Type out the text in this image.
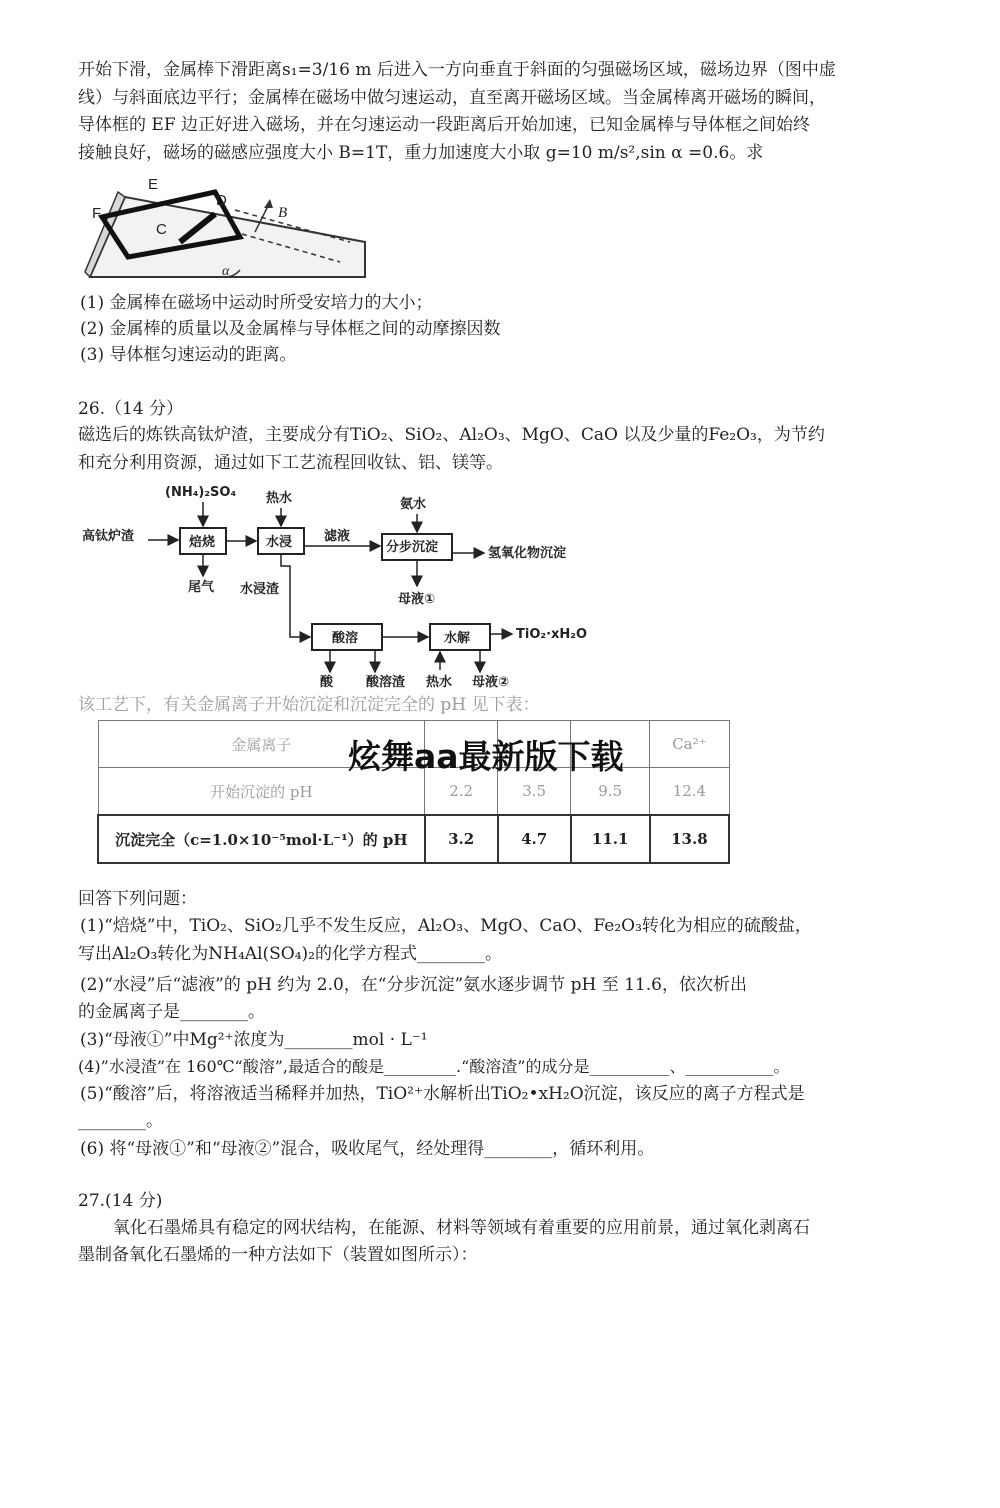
开始下滑，金属棒下滑距离s₁=3/16 m 后进入一方向垂直于斜面的匀强磁场区域，磁场边界（图中虚
线）与斜面底边平行；金属棒在磁场中做匀速运动，直至离开磁场区域。当金属棒离开磁场的瞬间，
导体框的 EF 边正好进入磁场，并在匀速运动一段距离后开始加速，已知金属棒与导体框之间始终
接触良好，磁场的磁感应强度大小 B=1T，重力加速度大小取 g=10 m/s²,sin α =0.6。求
E
D
F
C
B
α
(1) 金属棒在磁场中运动时所受安培力的大小；
(2) 金属棒的质量以及金属棒与导体框之间的动摩擦因数
(3) 导体框匀速运动的距离。
26.（14 分）
磁选后的炼铁高钛炉渣，主要成分有TiO₂、SiO₂、Al₂O₃、MgO、CaO 以及少量的Fe₂O₃，为节约
和充分利用资源，通过如下工艺流程回收钛、铝、镁等。
高钛炉渣
(NH₄)₂SO₄
焙烧
尾气
热水
水浸 滤液
水浸渣
氨水
分步沉淀	氢氧化物沉淀
母液①
酸溶
酸	酸溶渣
水解	TiO₂·xH₂O
热水 母液②
该工艺下，有关金属离子开始沉淀和沉淀完全的 pH 见下表：
金属离子				Ca²⁺
开始沉淀的 pH	2.2	3.5	9.5	12.4
沉淀完全（c=1.0×10⁻⁵mol·L⁻¹）的 pH	3.2	4.7	11.1	13.8
炫舞aa最新版下载
回答下列问题：
(1)“焙烧”中，TiO₂、SiO₂几乎不发生反应，Al₂O₃、MgO、CaO、Fe₂O₃转化为相应的硫酸盐，
写出Al₂O₃转化为NH₄Al(SO₄)₂的化学方程式________。
(2)“水浸”后“滤液”的 pH 约为 2.0，在“分步沉淀”氨水逐步调节 pH 至 11.6，依次析出
的金属离子是________。
(3)“母液①”中Mg²⁺浓度为________mol · L⁻¹
(4)”水浸渣”在 160℃“酸溶”,最适合的酸是_________.“酸溶渣”的成分是__________、___________。
(5)“酸溶”后，将溶液适当稀释并加热，TiO²⁺水解析出TiO₂•xH₂O沉淀，该反应的离子方程式是
________。
(6) 将“母液①”和“母液②”混合，吸收尾气，经处理得________，循环利用。
27.(14 分)
氧化石墨烯具有稳定的网状结构，在能源、材料等领域有着重要的应用前景，通过氧化剥离石
墨制备氧化石墨烯的一种方法如下（装置如图所示）：
